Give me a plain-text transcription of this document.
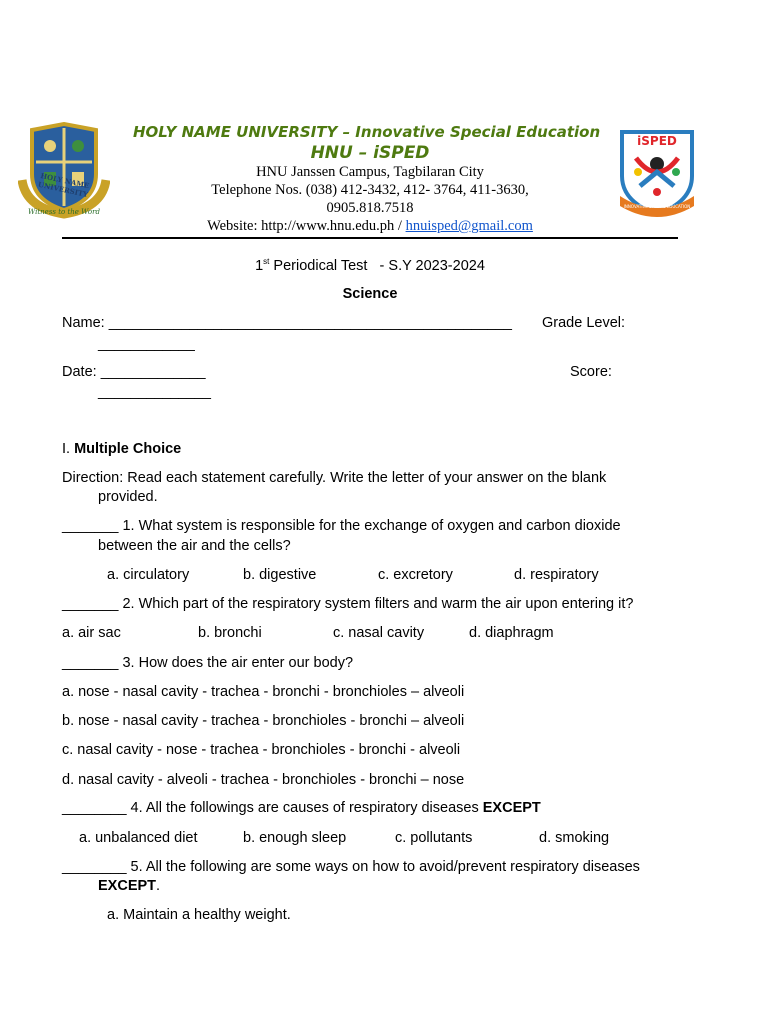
HOLY NAME UNIVERSITY
Witness to the Word
HOLY NAME UNIVERSITY – Innovative Special Education
HNU – iSPED
HNU Janssen Campus, Tagbilaran City
Telephone Nos. (038) 412-3432, 412- 3764, 411-3630,
0905.818.7518
Website: http://www.hnu.edu.ph / hnuisped@gmail.com
iSPED
INNOVATIVE SPECIAL EDUCATION
1st Periodical Test   - S.Y 2023-2024
Science
Name: __________________________________________________ Grade Level:
____________
Date: _____________	Score:
______________
I. Multiple Choice
Direction: Read each statement carefully. Write the letter of your answer on the blank
provided.
_______ 1. What system is responsible for the exchange of oxygen and carbon dioxide
between the air and the cells?
a. circulatory	b. digestive	c. excretory	d. respiratory
_______ 2. Which part of the respiratory system filters and warm the air upon entering it?
a. air sac	b. bronchi	c. nasal cavity	d. diaphragm
_______ 3. How does the air enter our body?
a. nose - nasal cavity - trachea - bronchi - bronchioles – alveoli
b. nose - nasal cavity - trachea - bronchioles - bronchi – alveoli
c. nasal cavity - nose - trachea - bronchioles - bronchi - alveoli
d. nasal cavity - alveoli - trachea - bronchioles - bronchi – nose
________ 4. All the followings are causes of respiratory diseases EXCEPT
a. unbalanced diet	b. enough sleep	c. pollutants	d. smoking
________ 5. All the following are some ways on how to avoid/prevent respiratory diseases
EXCEPT.
a. Maintain a healthy weight.
